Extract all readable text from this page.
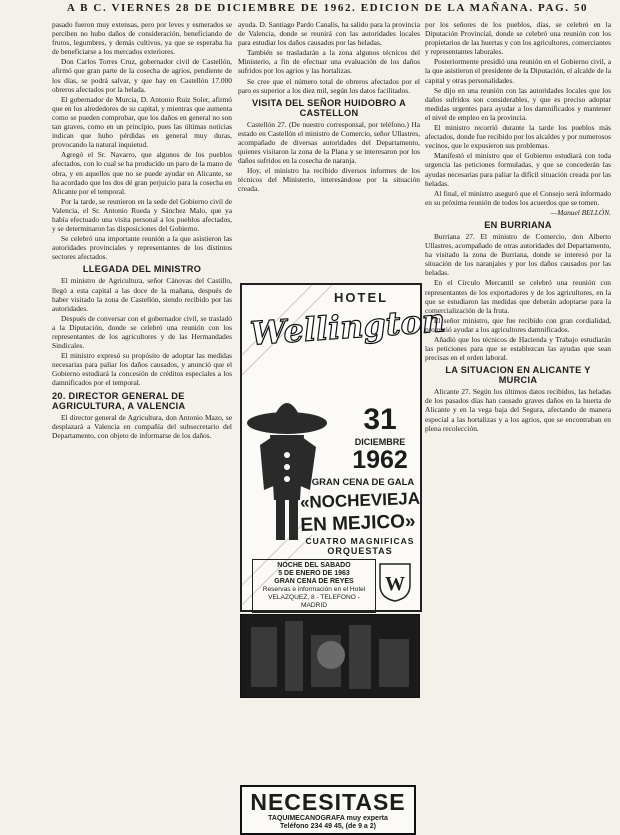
A B C. VIERNES 28 DE DICIEMBRE DE 1962. EDICION DE LA MAÑANA. PAG. 50

pasado fueron muy extensas, pero por leves y esmerados se perciben no hubo daños de consideración, beneficiando de frutos, legumbres, y demás cultivos, ya que se esperaba ha de beneficiarse a los mercados exteriores.

Don Carlos Torres Cruz, gobernador civil de Castellón, afirmó que gran parte de la cosecha de agrios, pendiente de los días, se podrá salvar, y que hay en Castellón 17.000 obreros afectados por la helada.

El gobernador de Murcia, D. Antonio Ruiz Soler, afirmó que en los alrededores de su capital, y mientras que aumenta como se pueden comprobar, que los daños en general no son tan graves, como en un principio, pues las últimas noticias indican que hubo pérdidas en general muy duras, provocando la natural inquietud.

Agregó el Sr. Navarro, que algunos de los pueblos afectados, con lo cual se ha producido un paro de la mano de obra, y en aquellos que no se puede ayudar en Alicante, se ha acordado que los dos dé gran perjuicio para la cosecha en Alicante por el temporal.

Por la tarde, se reunieron en la sede del Gobierno civil de Valencia, el Sr. Antonio Rueda y Sánchez Malo, que ya había efectuado una visita personal a los pueblos afectados, y se determinaron las disposiciones del Gobierno.

Se celebró una importante reunión a la que asistieron las autoridades provinciales y representantes de los distintos sectores afectados.

LLEGADA DEL MINISTRO

El ministro de Agricultura, señor Cánovas del Castillo, llegó a esta capital a las doce de la mañana, después de haber visitado la zona de Castellón, siendo recibido por las autoridades.

Después de conversar con el gobernador civil, se trasladó a la Diputación, donde se celebró una reunión con los representantes de los agricultores y de las Hermandades Sindicales.

El ministro expresó su propósito de adoptar las medidas necesarias para paliar los daños causados, y anunció que el Gobierno estudiará la concesión de créditos especiales a los damnificados por el temporal.

20. DIRECTOR GENERAL DE AGRICULTURA, A VALENCIA

El director general de Agricultura, don Antonio Mazo, se desplazará a Valencia en compañía del subsecretario del Departamento, con objeto de informarse de los daños.

ayuda. D. Santiago Pardo Canalis, ha salido para la provincia de Valencia, donde se reunirá con las autoridades locales para estudiar los daños causados por las heladas.

También se trasladarán a la zona algunos técnicos del Ministerio, a fin de efectuar una evaluación de los daños sufridos por los agrios y las hortalizas.

Se cree que el número total de obreros afectados por el paro es superior a los diez mil, según los datos facilitados.

VISITA DEL SEÑOR HUIDOBRO A CASTELLON

Castellón 27. (De nuestro corresponsal, por teléfono.) Ha estado en Castellón el ministro de Comercio, señor Ullastres, acompañado de diversas autoridades del Departamento, quienes visitaron la zona de la Plana y se interesaron por los daños sufridos en la cosecha de naranja.

Hoy, el ministro ha recibido diversos informes de los técnicos del Ministerio, interesándose por la situación creada.

HOTEL
Wellington
31
DICIEMBRE
1962
GRAN CENA DE GALA
«NOCHEVIEJA
EN MEJICO»
CUATRO MAGNIFICAS
ORQUESTAS
NOCHE DEL SABADO
5 DE ENERO DE 1963
GRAN CENA DE REYES
Reservas e información en el Hotel
VELAZQUEZ, 8 - TELEFONO - MADRID
W
NECESITASE
TAQUIMECANOGRAFA muy experta
Teléfono 234 49 45, (de 9 a 2)

por los señores de los pueblos, días, se celebró en la Diputación Provincial, donde se celebró una reunión con los propietarios de las huertas y con los agricultores, comerciantes y representantes laborales.

Posteriormente presidió una reunión en el Gobierno civil, a la que asistieron el presidente de la Diputación, el alcalde de la capital y otras personalidades.

Se dijo en una reunión con las autoridades locales que los daños sufridos son considerables, y que es preciso adoptar medidas urgentes para ayudar a los damnificados y mantener el nivel de empleo en la provincia.

El ministro recorrió durante la tarde los pueblos más afectados, donde fue recibido por los alcaldes y por numerosos vecinos, que le expusieron sus problemas.

Manifestó el ministro que el Gobierno estudiará con toda urgencia las peticiones formuladas, y que se concederán las ayudas necesarias para paliar la difícil situación creada por las heladas.

Al final, el ministro aseguró que el Consejo será informado en su próxima reunión de todos los acuerdos que se tomen.

—Manuel BELLÓN.

EN BURRIANA

Burriana 27. El ministro de Comercio, don Alberto Ullastres, acompañado de otras autoridades del Departamento, ha visitado la zona de Burriana, donde se interesó por la situación de los naranjales y por los daños causados por las heladas.

En el Círculo Mercantil se celebró una reunión con representantes de los exportadores y de los agricultores, en la que se estudiaron las medidas que deberán adoptarse para la comercialización de la fruta.

El señor ministro, que fue recibido con gran cordialidad, prometió ayudar a los agricultores damnificados.

Añadió que los técnicos de Hacienda y Trabajo estudiarán las peticiones para que se establezcan las ayudas que sean precisas en el orden laboral.

LA SITUACION EN ALICANTE Y MURCIA

Alicante 27. Según los últimos datos recibidos, las heladas de los pasados días han causado graves daños en la huerta de Alicante y en la vega baja del Segura, afectando de manera especial a las hortalizas y a los agrios, que se encontraban en plena recolección.
